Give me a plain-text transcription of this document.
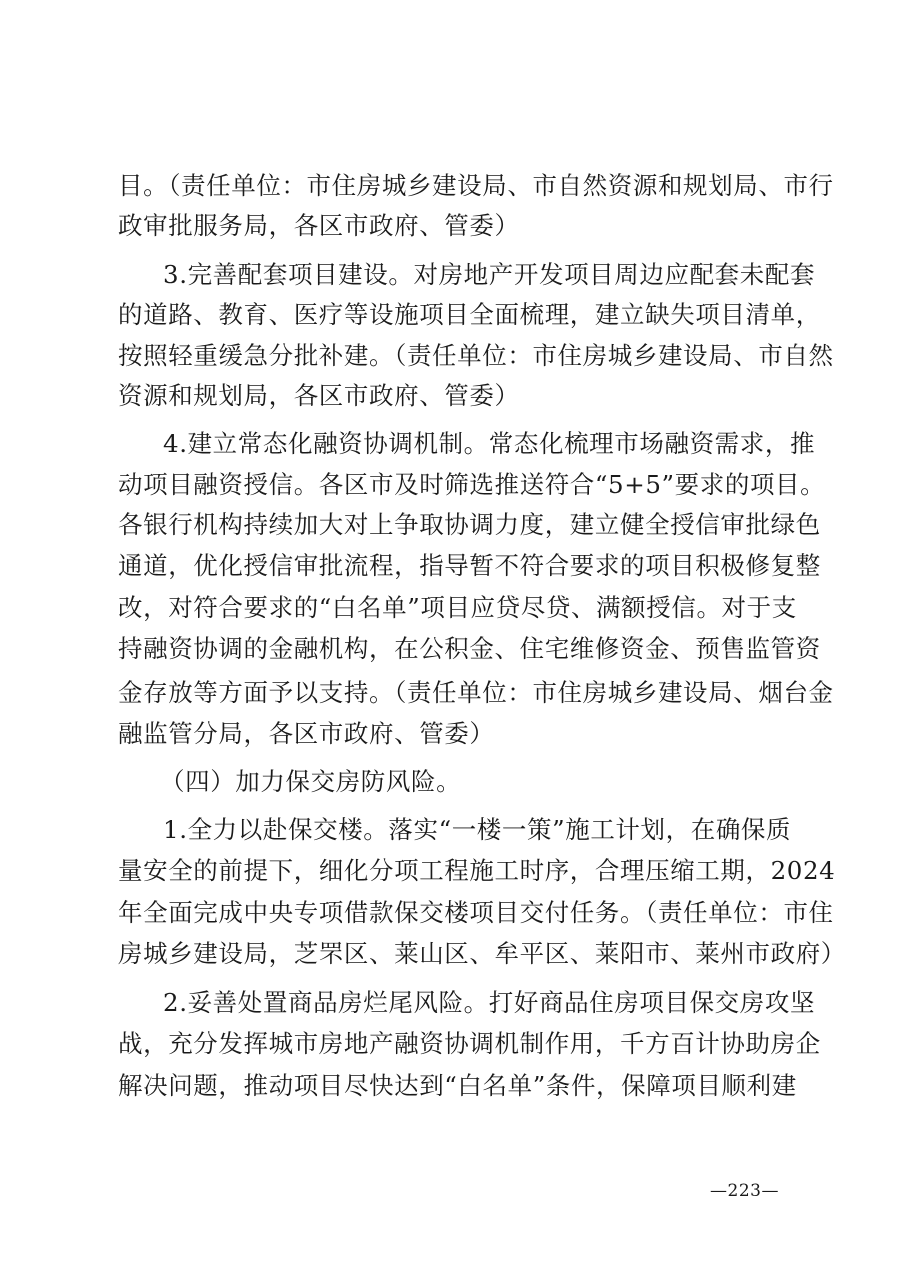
目。（责任单位：市住房城乡建设局、市自然资源和规划局、市行
政审批服务局，各区市政府、管委）
3.完善配套项目建设。对房地产开发项目周边应配套未配套
的道路、教育、医疗等设施项目全面梳理，建立缺失项目清单，
按照轻重缓急分批补建。（责任单位：市住房城乡建设局、市自然
资源和规划局，各区市政府、管委）
4.建立常态化融资协调机制。常态化梳理市场融资需求，推
动项目融资授信。各区市及时筛选推送符合“5+5”要求的项目。
各银行机构持续加大对上争取协调力度，建立健全授信审批绿色
通道，优化授信审批流程，指导暂不符合要求的项目积极修复整
改，对符合要求的“白名单”项目应贷尽贷、满额授信。对于支
持融资协调的金融机构，在公积金、住宅维修资金、预售监管资
金存放等方面予以支持。（责任单位：市住房城乡建设局、烟台金
融监管分局，各区市政府、管委）
（四）加力保交房防风险。
1.全力以赴保交楼。落实“一楼一策”施工计划，在确保质
量安全的前提下，细化分项工程施工时序，合理压缩工期，2024
年全面完成中央专项借款保交楼项目交付任务。（责任单位：市住
房城乡建设局，芝罘区、莱山区、牟平区、莱阳市、莱州市政府）
2.妥善处置商品房烂尾风险。打好商品住房项目保交房攻坚
战，充分发挥城市房地产融资协调机制作用，千方百计协助房企
解决问题，推动项目尽快达到“白名单”条件，保障项目顺利建
—223—
